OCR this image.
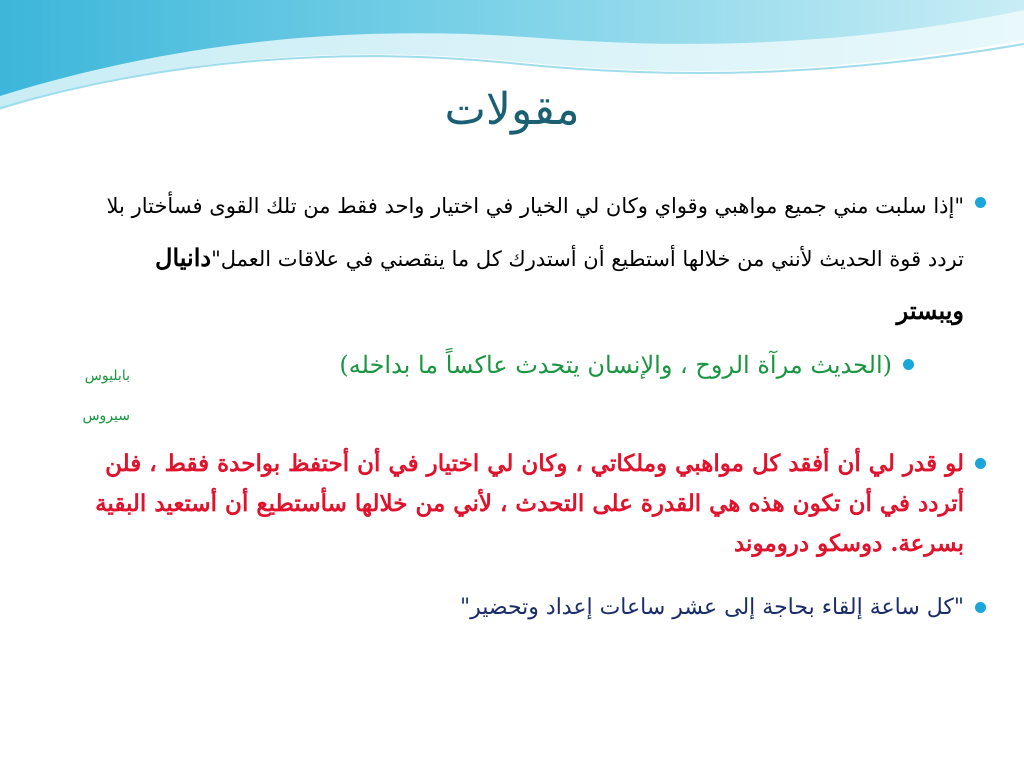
مقولات
"إذا سلبت مني جميع مواهبي وقواي وكان لي الخيار في اختيار واحد فقط من تلك القوى فسأختار بلا تردد قوة الحديث لأنني من خلالها أستطيع أن أستدرك كل ما ينقصني في علاقات العمل"دانيال ويبستر
(الحديث مرآة الروح ، والإنسان يتحدث عاكساً ما بداخله)
بابليوس سيروس
لو قدر لي أن أفقد كل مواهبي وملكاتي ، وكان لي اختيار في أن أحتفظ بواحدة فقط ، فلن أتردد في أن تكون هذه هي القدرة على التحدث ، لأني من خلالها سأستطيع أن أستعيد البقية بسرعة. دوسكو دروموند
"كل ساعة إلقاء بحاجة إلى عشر ساعات إعداد وتحضير"
